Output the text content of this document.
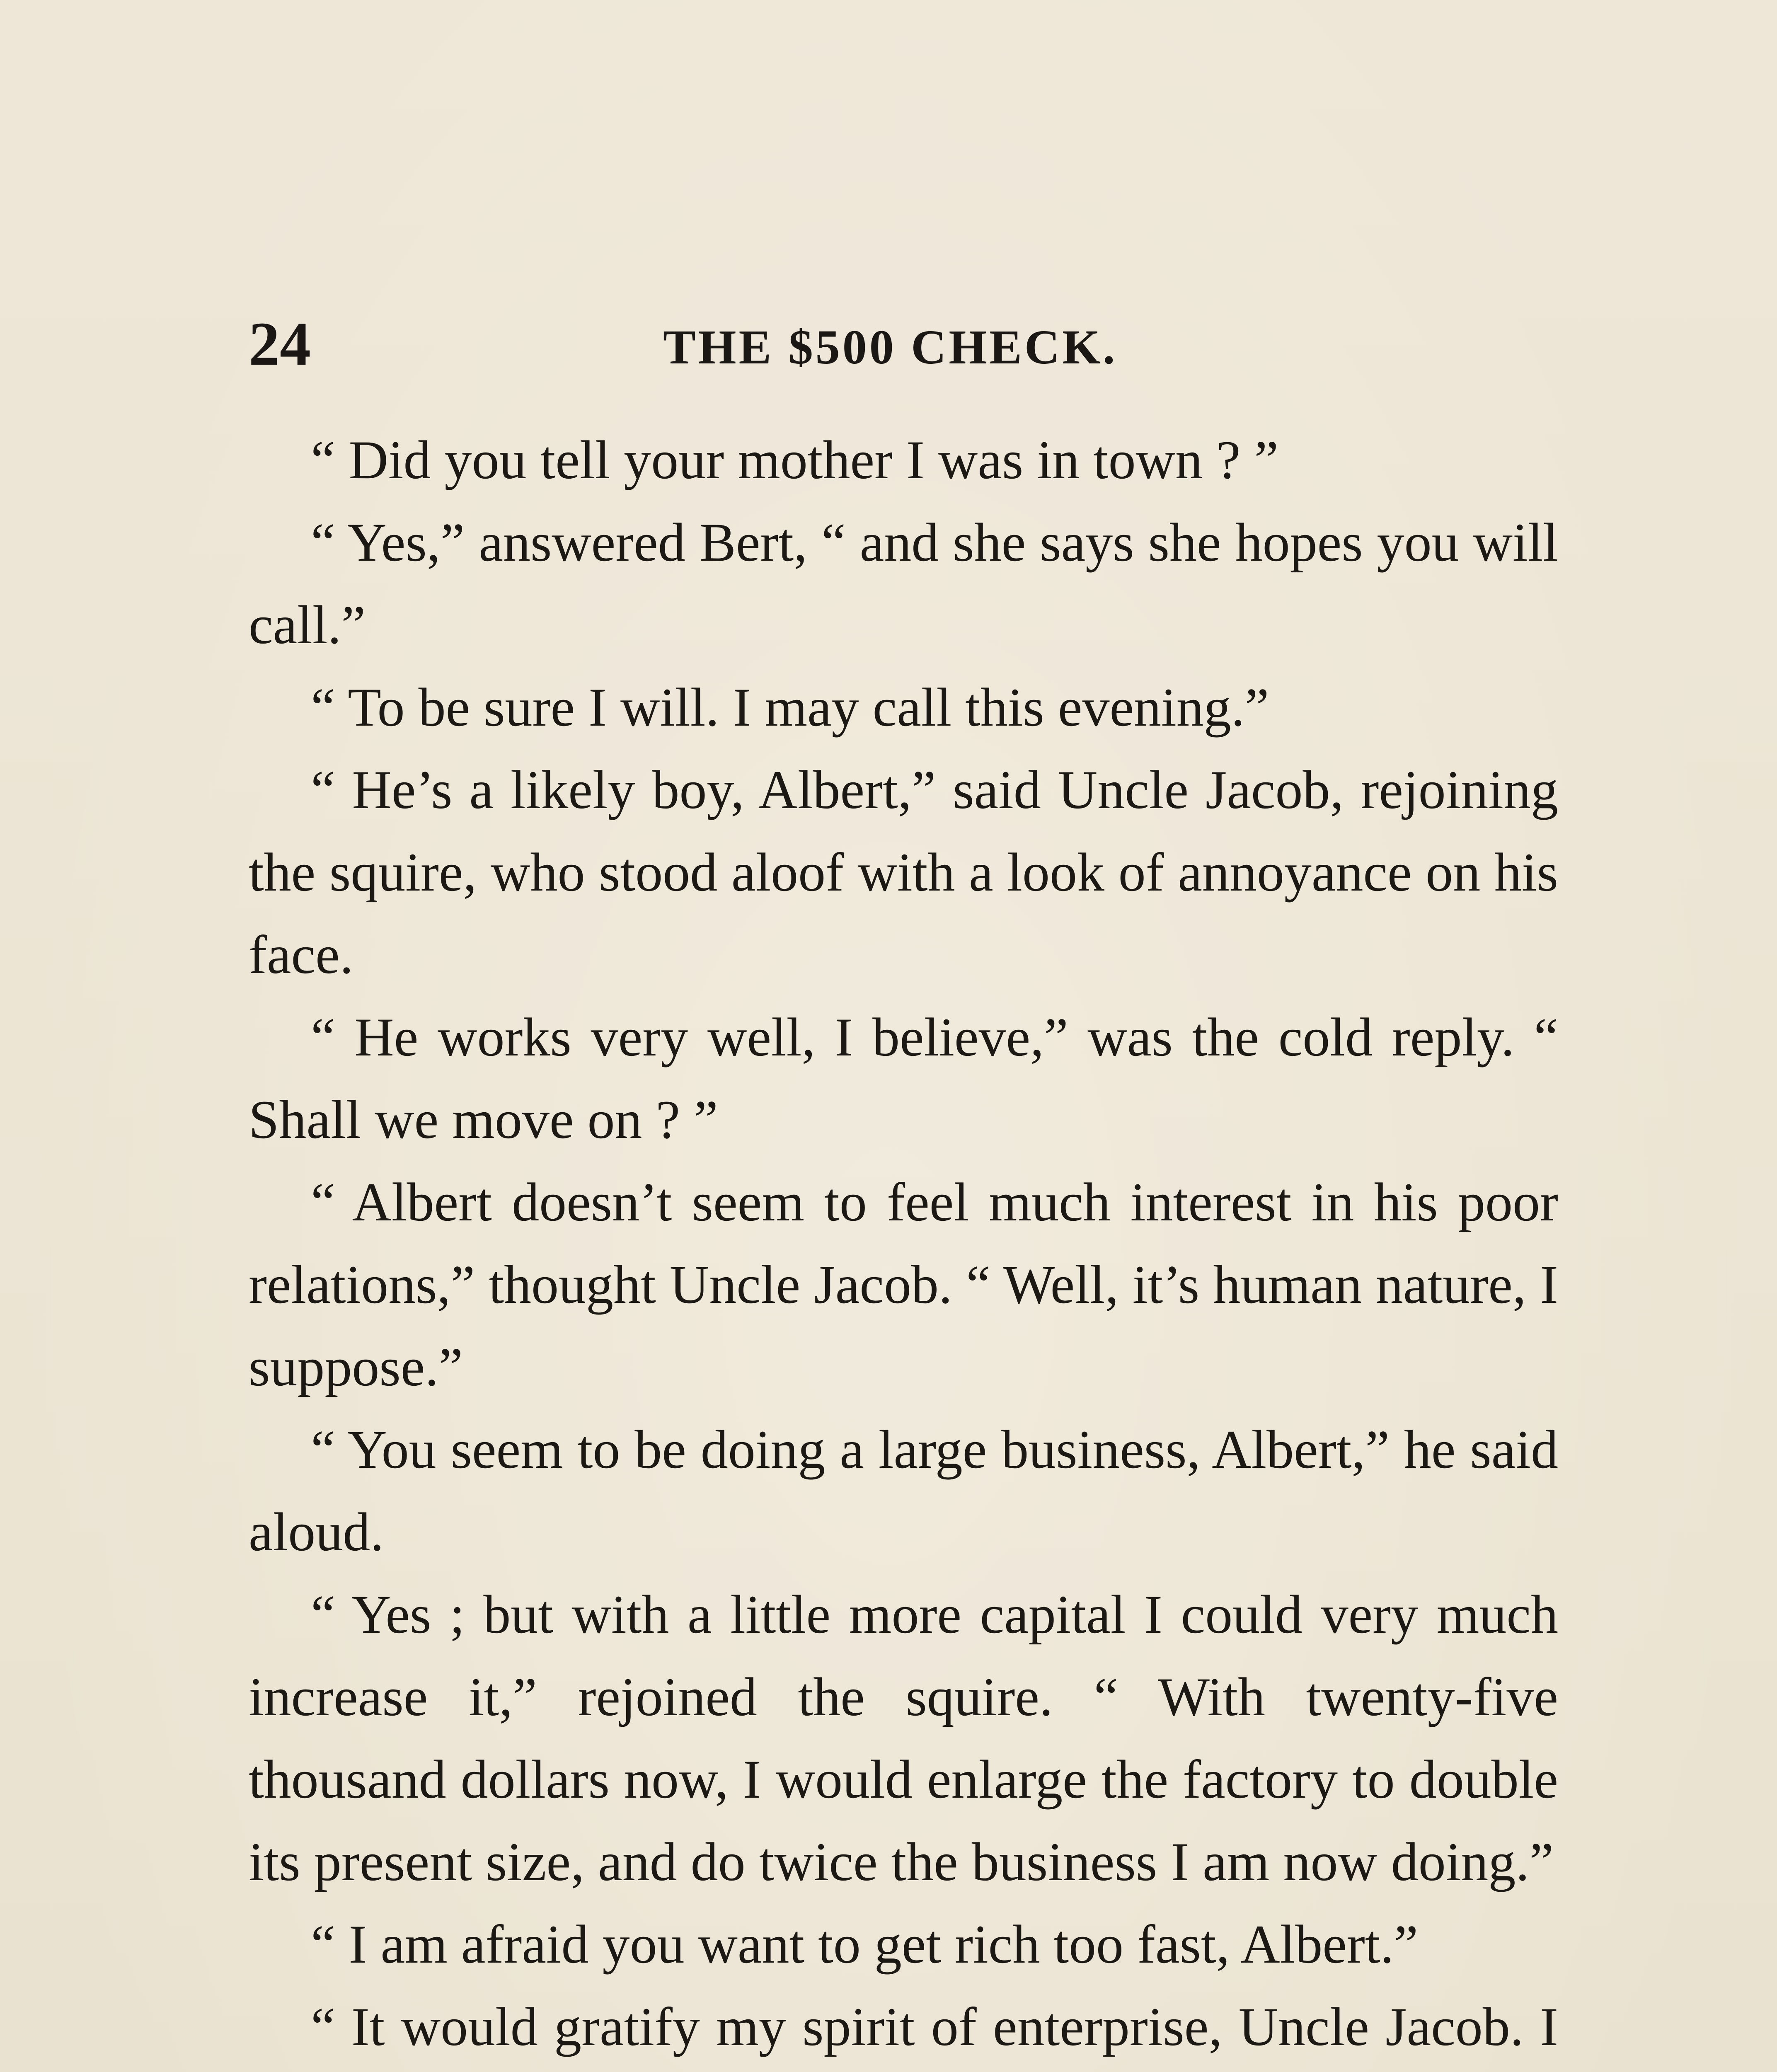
24	THE $500 CHECK.

“ Did you tell your mother I was in town ? ”

“ Yes,” answered Bert, “ and she says she hopes you will call.”

“ To be sure I will. I may call this evening.”

“ He’s a likely boy, Albert,” said Uncle Jacob, rejoining the squire, who stood aloof with a look of annoyance on his face.

“ He works very well, I believe,” was the cold reply. “ Shall we move on ? ”

“ Albert doesn’t seem to feel much interest in his poor relations,” thought Uncle Jacob. “ Well, it’s human nature, I suppose.”

“ You seem to be doing a large business, Albert,” he said aloud.

“ Yes ; but with a little more capital I could very much increase it,” rejoined the squire. “ With twenty-five thousand dollars now, I would enlarge the factory to double its present size, and do twice the business I am now doing.”

“ I am afraid you want to get rich too fast, Albert.”

“ It would gratify my spirit of enterprise, Uncle Jacob. I
